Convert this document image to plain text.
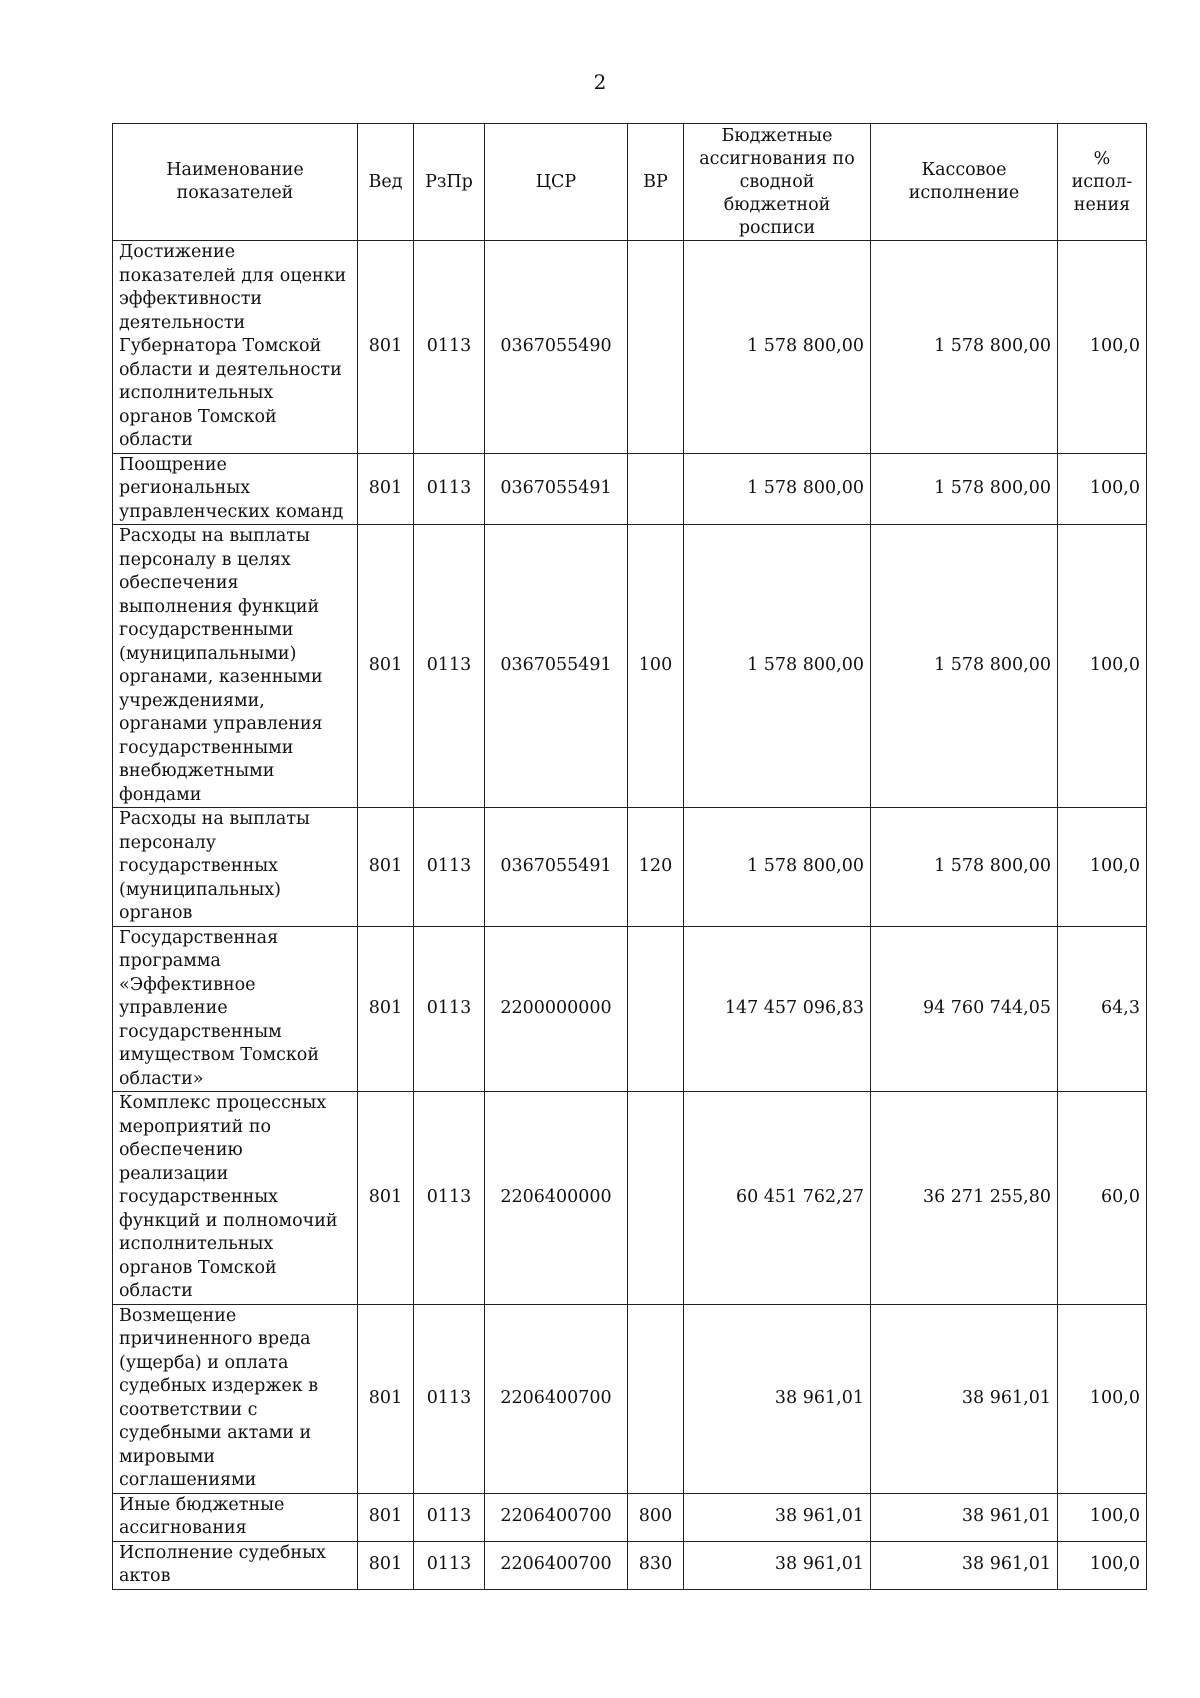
2
Наименование показателей	Вед	РзПр	ЦСР	ВР	Бюджетные ассигнования по сводной бюджетной росписи	Кассовое исполнение	% испол-нения
Достижение показателей для оценки эффективности деятельности Губернатора Томской области и деятельности исполнительных органов Томской области	801	0113	0367055490		1 578 800,00	1 578 800,00	100,0
Поощрение региональных управленческих команд	801	0113	0367055491		1 578 800,00	1 578 800,00	100,0
Расходы на выплаты персоналу в целях обеспечения выполнения функций государственными (муниципальными) органами, казенными учреждениями, органами управления государственными внебюджетными фондами	801	0113	0367055491	100	1 578 800,00	1 578 800,00	100,0
Расходы на выплаты персоналу государственных (муниципальных) органов	801	0113	0367055491	120	1 578 800,00	1 578 800,00	100,0
Государственная программа «Эффективное управление государственным имуществом Томской области»	801	0113	2200000000		147 457 096,83	94 760 744,05	64,3
Комплекс процессных мероприятий по обеспечению реализации государственных функций и полномочий исполнительных органов Томской области	801	0113	2206400000		60 451 762,27	36 271 255,80	60,0
Возмещение причиненного вреда (ущерба) и оплата судебных издержек в соответствии с судебными актами и мировыми соглашениями	801	0113	2206400700		38 961,01	38 961,01	100,0
Иные бюджетные ассигнования	801	0113	2206400700	800	38 961,01	38 961,01	100,0
Исполнение судебных актов	801	0113	2206400700	830	38 961,01	38 961,01	100,0
